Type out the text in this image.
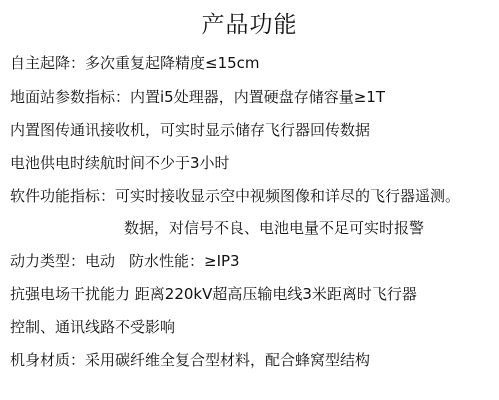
产品功能
自主起降：多次重复起降精度≤15cm
地面站参数指标：内置i5处理器，内置硬盘存储容量≥1T
内置图传通讯接收机，可实时显示储存飞行器回传数据
电池供电时续航时间不少于3小时
软件功能指标：可实时接收显示空中视频图像和详尽的飞行器遥测。
数据，对信号不良、电池电量不足可实时报警
动力类型：电动 防水性能：≥IP3
抗强电场干扰能力 距离220kV超高压输电线3米距离时飞行器
控制、通讯线路不受影响
机身材质：采用碳纤维全复合型材料，配合蜂窝型结构
